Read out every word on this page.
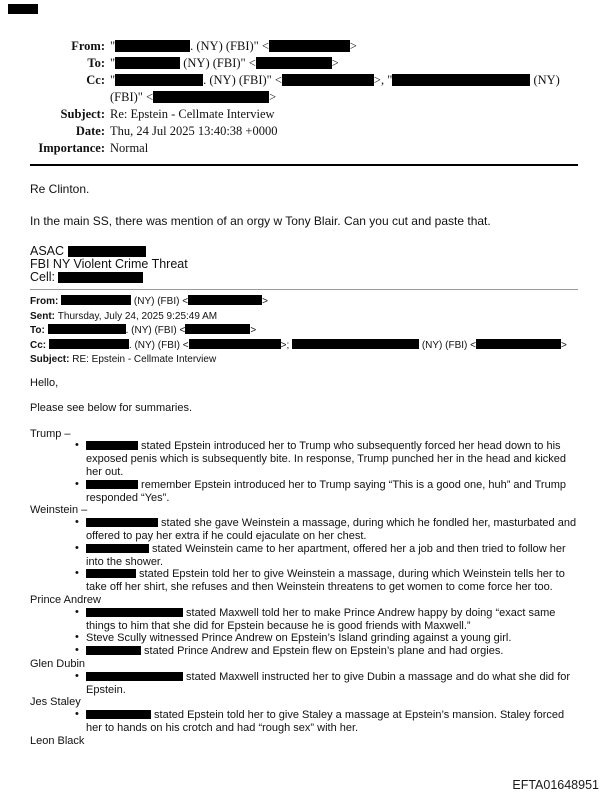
From: "	. (NY) (FBI)" <	>
To: "	(NY) (FBI)" <	>
Cc: "	. (NY) (FBI)" <	>, "	(NY)
(FBI)" <	>
Subject: Re: Epstein - Cellmate Interview
Date: Thu, 24 Jul 2025 13:40:38 +0000
Importance: Normal

Re Clinton.

In the main SS, there was mention of an orgy w Tony Blair. Can you cut and paste that.

ASAC
FBI NY Violent Crime Threat
Cell:
From:	(NY) (FBI) <	>
Sent: Thursday, July 24, 2025 9:25:49 AM
To:	. (NY) (FBI) <	>
Cc:	. (NY) (FBI) <	>;	(NY) (FBI) <	>
Subject: RE: Epstein - Cellmate Interview

Hello,

Please see below for summaries.

Trump –

•	stated Epstein introduced her to Trump who subsequently forced her head down to his exposed penis which is subsequently bite. In response, Trump punched her in the head and kicked her out.
•	remember Epstein introduced her to Trump saying “This is a good one, huh” and Trump responded “Yes”.

Weinstein –

•	stated she gave Weinstein a massage, during which he fondled her, masturbated and offered to pay her extra if he could ejaculate on her chest.
•	stated Weinstein came to her apartment, offered her a job and then tried to follow her into the shower.
•	stated Epstein told her to give Weinstein a massage, during which Weinstein tells her to take off her shirt, she refuses and then Weinstein threatens to get women to come force her too.

Prince Andrew

•	stated Maxwell told her to make Prince Andrew happy by doing “exact same things to him that she did for Epstein because he is good friends with Maxwell.”
• Steve Scully witnessed Prince Andrew on Epstein’s Island grinding against a young girl.
•	stated Prince Andrew and Epstein flew on Epstein’s plane and had orgies.

Glen Dubin

•	stated Maxwell instructed her to give Dubin a massage and do what she did for Epstein.

Jes Staley

•	stated Epstein told her to give Staley a massage at Epstein’s mansion. Staley forced her to hands on his crotch and had “rough sex” with her.

Leon Black

EFTA01648951
